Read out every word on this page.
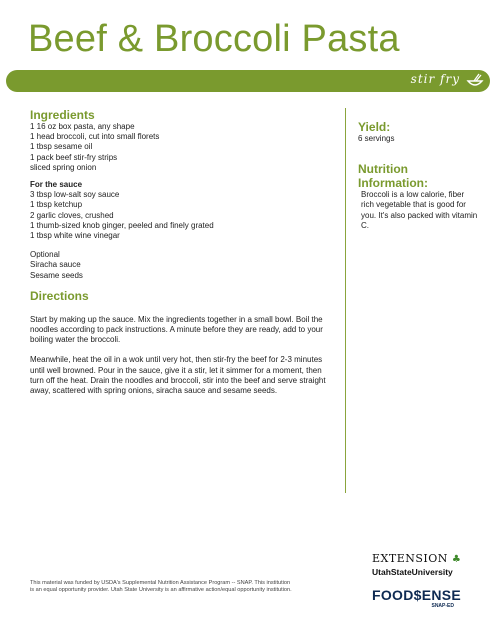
Beef & Broccoli Pasta
stir fry
Ingredients
1 16 oz box pasta, any shape
1 head broccoli, cut into small florets
1 tbsp sesame oil
1 pack beef stir-fry strips
sliced spring onion
For the sauce
3 tbsp low-salt soy sauce
1 tbsp ketchup
2 garlic cloves, crushed
1 thumb-sized knob ginger, peeled and finely grated
1 tbsp white wine vinegar
Optional
Siracha sauce
Sesame seeds
Directions
Start by making up the sauce. Mix the ingredients together in a small bowl. Boil the noodles according to pack instructions. A minute before they are ready, add to your boiling water the broccoli.
Meanwhile, heat the oil in a wok until very hot, then stir-fry the beef for 2-3 minutes until well browned. Pour in the sauce, give it a stir, let it simmer for a moment, then turn off the heat. Drain the noodles and broccoli, stir into the beef and serve straight away, scattered with spring onions, siracha sauce and sesame seeds.
Yield:
6 servings
Nutrition
Information:
Broccoli is a low calorie, fiber rich vegetable that is good for you. It's also packed with vitamin C.
This material was funded by USDA's Supplemental Nutrition Assistance Program -- SNAP. This institution
is an equal opportunity provider. Utah State University is an affirmative action/equal opportunity institution.
EXTENSION ♣
UtahStateUniversity
FOOD$ENSE
SNAP-ED
